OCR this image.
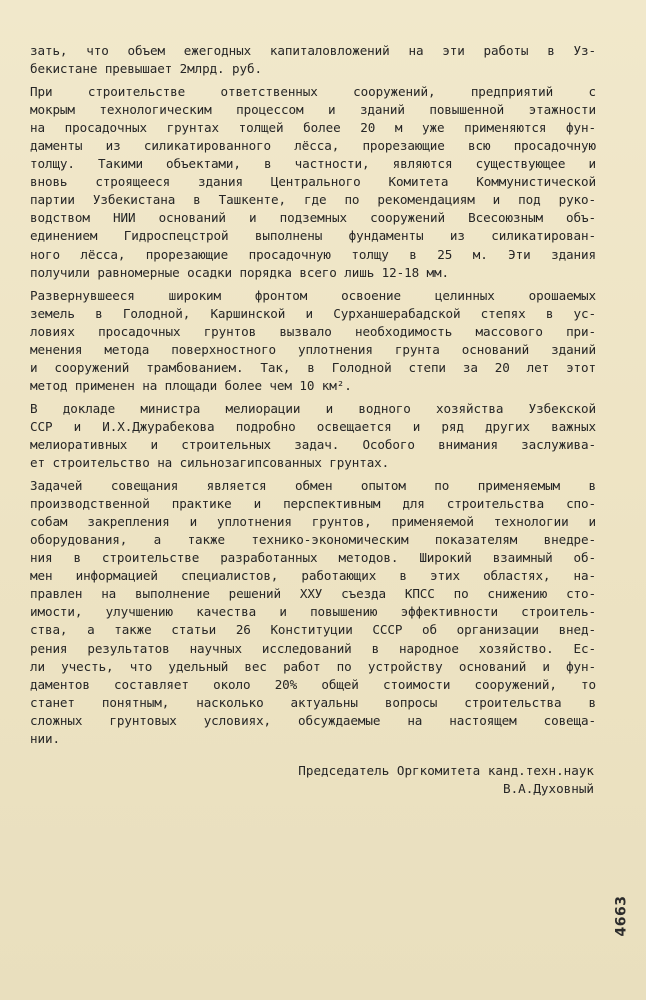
зать, что объем ежегодных капиталовложений на эти работы в Уз-

бекистане превышает 2млрд. руб.

При строительстве ответственных сооружений, предприятий с

мокрым технологическим процессом и зданий повышенной этажности

на просадочных грунтах толщей более 20 м уже применяются фун-

даменты из силикатированного лёсса, прорезающие всю просадочную

толщу. Такими объектами, в частности, являются существующее и

вновь строящееся здания Центрального Комитета Коммунистической

партии Узбекистана в Ташкенте, где по рекомендациям и под руко-

водством НИИ оснований и подземных сооружений Всесоюзным объ-

единением Гидроспецстрой выполнены фундаменты из силикатирован-

ного лёсса, прорезающие просадочную толщу в 25 м. Эти здания

получили равномерные осадки порядка всего лишь 12-18 мм.

Развернувшееся широким фронтом освоение целинных орошаемых

земель в Голодной, Каршинской и Сурханшерабадской степях в ус-

ловиях просадочных грунтов вызвало необходимость массового при-

менения метода поверхностного уплотнения грунта оснований зданий

и сооружений трамбованием. Так, в Голодной степи за 20 лет этот

метод применен на площади более чем 10 км².

В докладе министра мелиорации и водного хозяйства Узбекской

ССР и И.Х.Джурабекова подробно освещается и ряд других важных

мелиоративных и строительных задач. Особого внимания заслужива-

ет строительство на сильнозагипсованных грунтах.

Задачей совещания является обмен опытом по применяемым в

производственной практике и перспективным для строительства спо-

собам закрепления и уплотнения грунтов, применяемой технологии и

оборудования, а также технико-экономическим показателям внедре-

ния в строительстве разработанных методов. Широкий взаимный об-

мен информацией специалистов, работающих в этих областях, на-

правлен на выполнение решений XXУ съезда КПСС по снижению сто-

имости, улучшению качества и повышению эффективности строитель-

ства, а также статьи 26 Конституции СССР об организации внед-

рения результатов научных исследований в народное хозяйство. Ес-

ли учесть, что удельный вес работ по устройству оснований и фун-

даментов составляет около 20% общей стоимости сооружений, то

станет понятным, насколько актуальны вопросы строительства в

сложных грунтовых условиях, обсуждаемые на настоящем совеща-

нии.

Председатель Оргкомитета канд.техн.наук
В.А.Духовный
4663
